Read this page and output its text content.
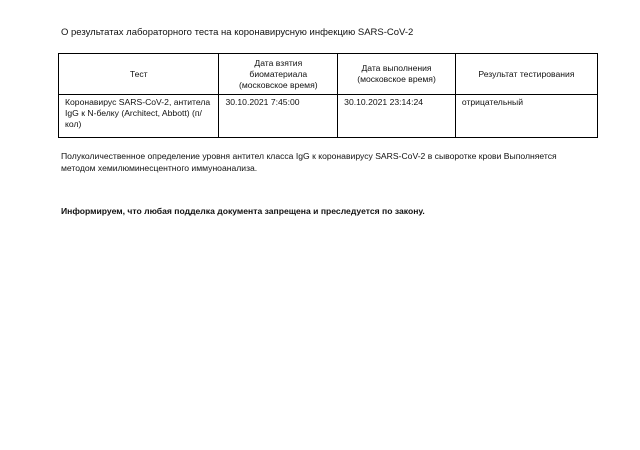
О результатах лабораторного теста на коронавирусную инфекцию SARS-CoV-2
Тест	Дата взятия биоматериала (московское время)	Дата выполнения (московское время)	Результат тестирования
Коронавирус SARS-CoV-2, антитела IgG к N-белку (Architect, Abbott) (п/кол)	30.10.2021 7:45:00	30.10.2021 23:14:24	отрицательный
Полуколичественное определение уровня антител класса IgG к коронавирусу SARS-CoV-2 в сыворотке крови Выполняется методом хемилюминесцентного иммуноанализа.
Информируем, что любая подделка документа запрещена и преследуется по закону.
